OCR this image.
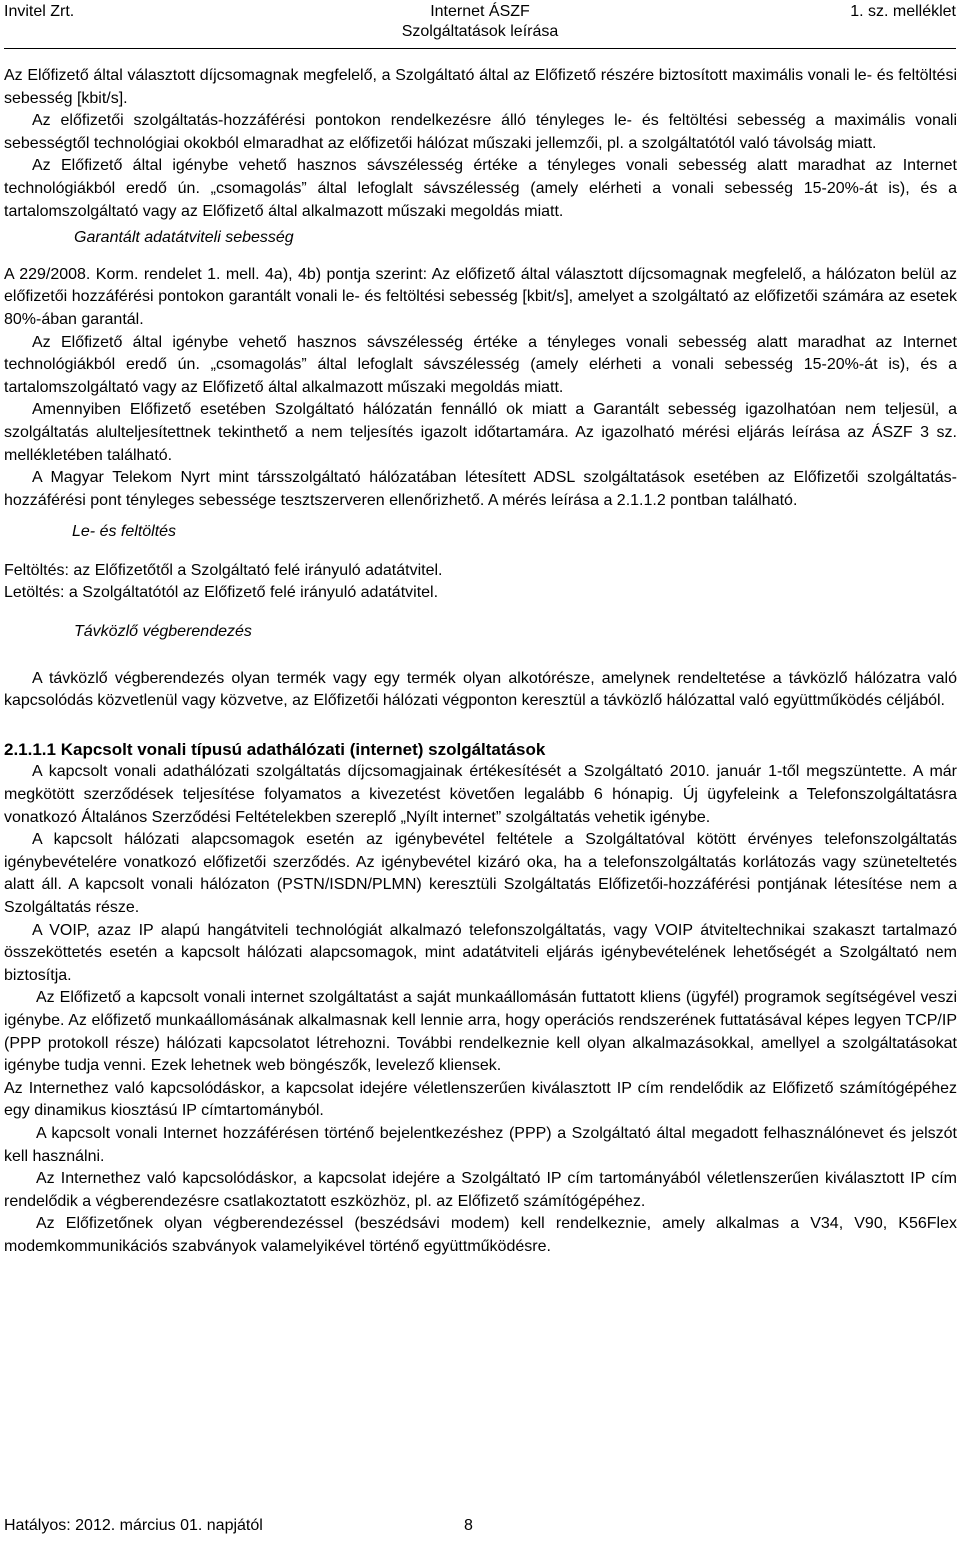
Invitel Zrt.	Internet ÁSZF
Szolgáltatások leírása
1. sz. melléklet

Az Előfizető által választott díjcsomagnak megfelelő, a Szolgáltató által az Előfizető részére biztosított maximális vonali le- és feltöltési sebesség [kbit/s].

Az előfizetői szolgáltatás-hozzáférési pontokon rendelkezésre álló tényleges le- és feltöltési sebesség a maximális vonali sebességtől technológiai okokból elmaradhat az előfizetői hálózat műszaki jellemzői, pl. a szolgáltatótól való távolság miatt.

Az Előfizető által igénybe vehető hasznos sávszélesség értéke a tényleges vonali sebesség alatt maradhat az Internet technológiákból eredő ún. „csomagolás” által lefoglalt sávszélesség (amely elérheti a vonali sebesség 15-20%-át is), és a tartalomszolgáltató vagy az Előfizető által alkalmazott műszaki megoldás miatt.

Garantált adatátviteli sebesség

A 229/2008. Korm. rendelet 1. mell. 4a), 4b) pontja szerint: Az előfizető által választott díjcsomagnak megfelelő, a hálózaton belül az előfizetői hozzáférési pontokon garantált vonali le- és feltöltési sebesség [kbit/s], amelyet a szolgáltató az előfizetői számára az esetek 80%-ában garantál.

Az Előfizető által igénybe vehető hasznos sávszélesség értéke a tényleges vonali sebesség alatt maradhat az Internet technológiákból eredő ún. „csomagolás” által lefoglalt sávszélesség (amely elérheti a vonali sebesség 15-20%-át is), és a tartalomszolgáltató vagy az Előfizető által alkalmazott műszaki megoldás miatt.

Amennyiben Előfizető esetében Szolgáltató hálózatán fennálló ok miatt a Garantált sebesség igazolhatóan nem teljesül, a szolgáltatás alulteljesítettnek tekinthető a nem teljesítés igazolt időtartamára. Az igazolható mérési eljárás leírása az ÁSZF 3 sz. mellékletében található.

A Magyar Telekom Nyrt mint társszolgáltató hálózatában létesített ADSL szolgáltatások esetében az Előfizetői szolgáltatás-hozzáférési pont tényleges sebessége tesztszerveren ellenőrizhető. A mérés leírása a 2.1.1.2 pontban található.

Le- és feltöltés

Feltöltés: az Előfizetőtől a Szolgáltató felé irányuló adatátvitel.

Letöltés: a Szolgáltatótól az Előfizető felé irányuló adatátvitel.

Távközlő végberendezés

A távközlő végberendezés olyan termék vagy egy termék olyan alkotórésze, amelynek rendeltetése a távközlő hálózatra való kapcsolódás közvetlenül vagy közvetve, az Előfizetői hálózati végponton keresztül a távközlő hálózattal való együttműködés céljából.

2.1.1.1 Kapcsolt vonali típusú adathálózati (internet) szolgáltatások

A kapcsolt vonali adathálózati szolgáltatás díjcsomagjainak értékesítését a Szolgáltató 2010. január 1-től megszüntette. A már megkötött szerződések teljesítése folyamatos a kivezetést követően legalább 6 hónapig. Új ügyfeleink a Telefonszolgáltatásra vonatkozó Általános Szerződési Feltételekben szereplő „Nyílt internet” szolgáltatás vehetik igénybe.

A kapcsolt hálózati alapcsomagok esetén az igénybevétel feltétele a Szolgáltatóval kötött érvényes telefonszolgáltatás igénybevételére vonatkozó előfizetői szerződés. Az igénybevétel kizáró oka, ha a telefonszolgáltatás korlátozás vagy szüneteltetés alatt áll. A kapcsolt vonali hálózaton (PSTN/ISDN/PLMN) keresztüli Szolgáltatás Előfizetői-hozzáférési pontjának létesítése nem a Szolgáltatás része.

A VOIP, azaz IP alapú hangátviteli technológiát alkalmazó telefonszolgáltatás, vagy VOIP átviteltechnikai szakaszt tartalmazó összeköttetés esetén a kapcsolt hálózati alapcsomagok, mint adatátviteli eljárás igénybevételének lehetőségét a Szolgáltató nem biztosítja.

Az Előfizető a kapcsolt vonali internet szolgáltatást a saját munkaállomásán futtatott kliens (ügyfél) programok segítségével veszi igénybe. Az előfizető munkaállomásának alkalmasnak kell lennie arra, hogy operációs rendszerének futtatásával képes legyen TCP/IP (PPP protokoll része) hálózati kapcsolatot létrehozni. További rendelkeznie kell olyan alkalmazásokkal, amellyel a szolgáltatásokat igénybe tudja venni. Ezek lehetnek web böngészők, levelező kliensek.

Az Internethez való kapcsolódáskor, a kapcsolat idejére véletlenszerűen kiválasztott IP cím rendelődik az Előfizető számítógépéhez egy dinamikus kiosztású IP címtartományból.

A kapcsolt vonali Internet hozzáférésen történő bejelentkezéshez (PPP) a Szolgáltató által megadott felhasználónevet és jelszót kell használni.

Az Internethez való kapcsolódáskor, a kapcsolat idejére a Szolgáltató IP cím tartományából véletlenszerűen kiválasztott IP cím rendelődik a végberendezésre csatlakoztatott eszközhöz, pl. az Előfizető számítógépéhez.

Az Előfizetőnek olyan végberendezéssel (beszédsávi modem) kell rendelkeznie, amely alkalmas a V34, V90, K56Flex modemkommunikációs szabványok valamelyikével történő együttműködésre.

Hatályos: 2012. március 01. napjától	8
